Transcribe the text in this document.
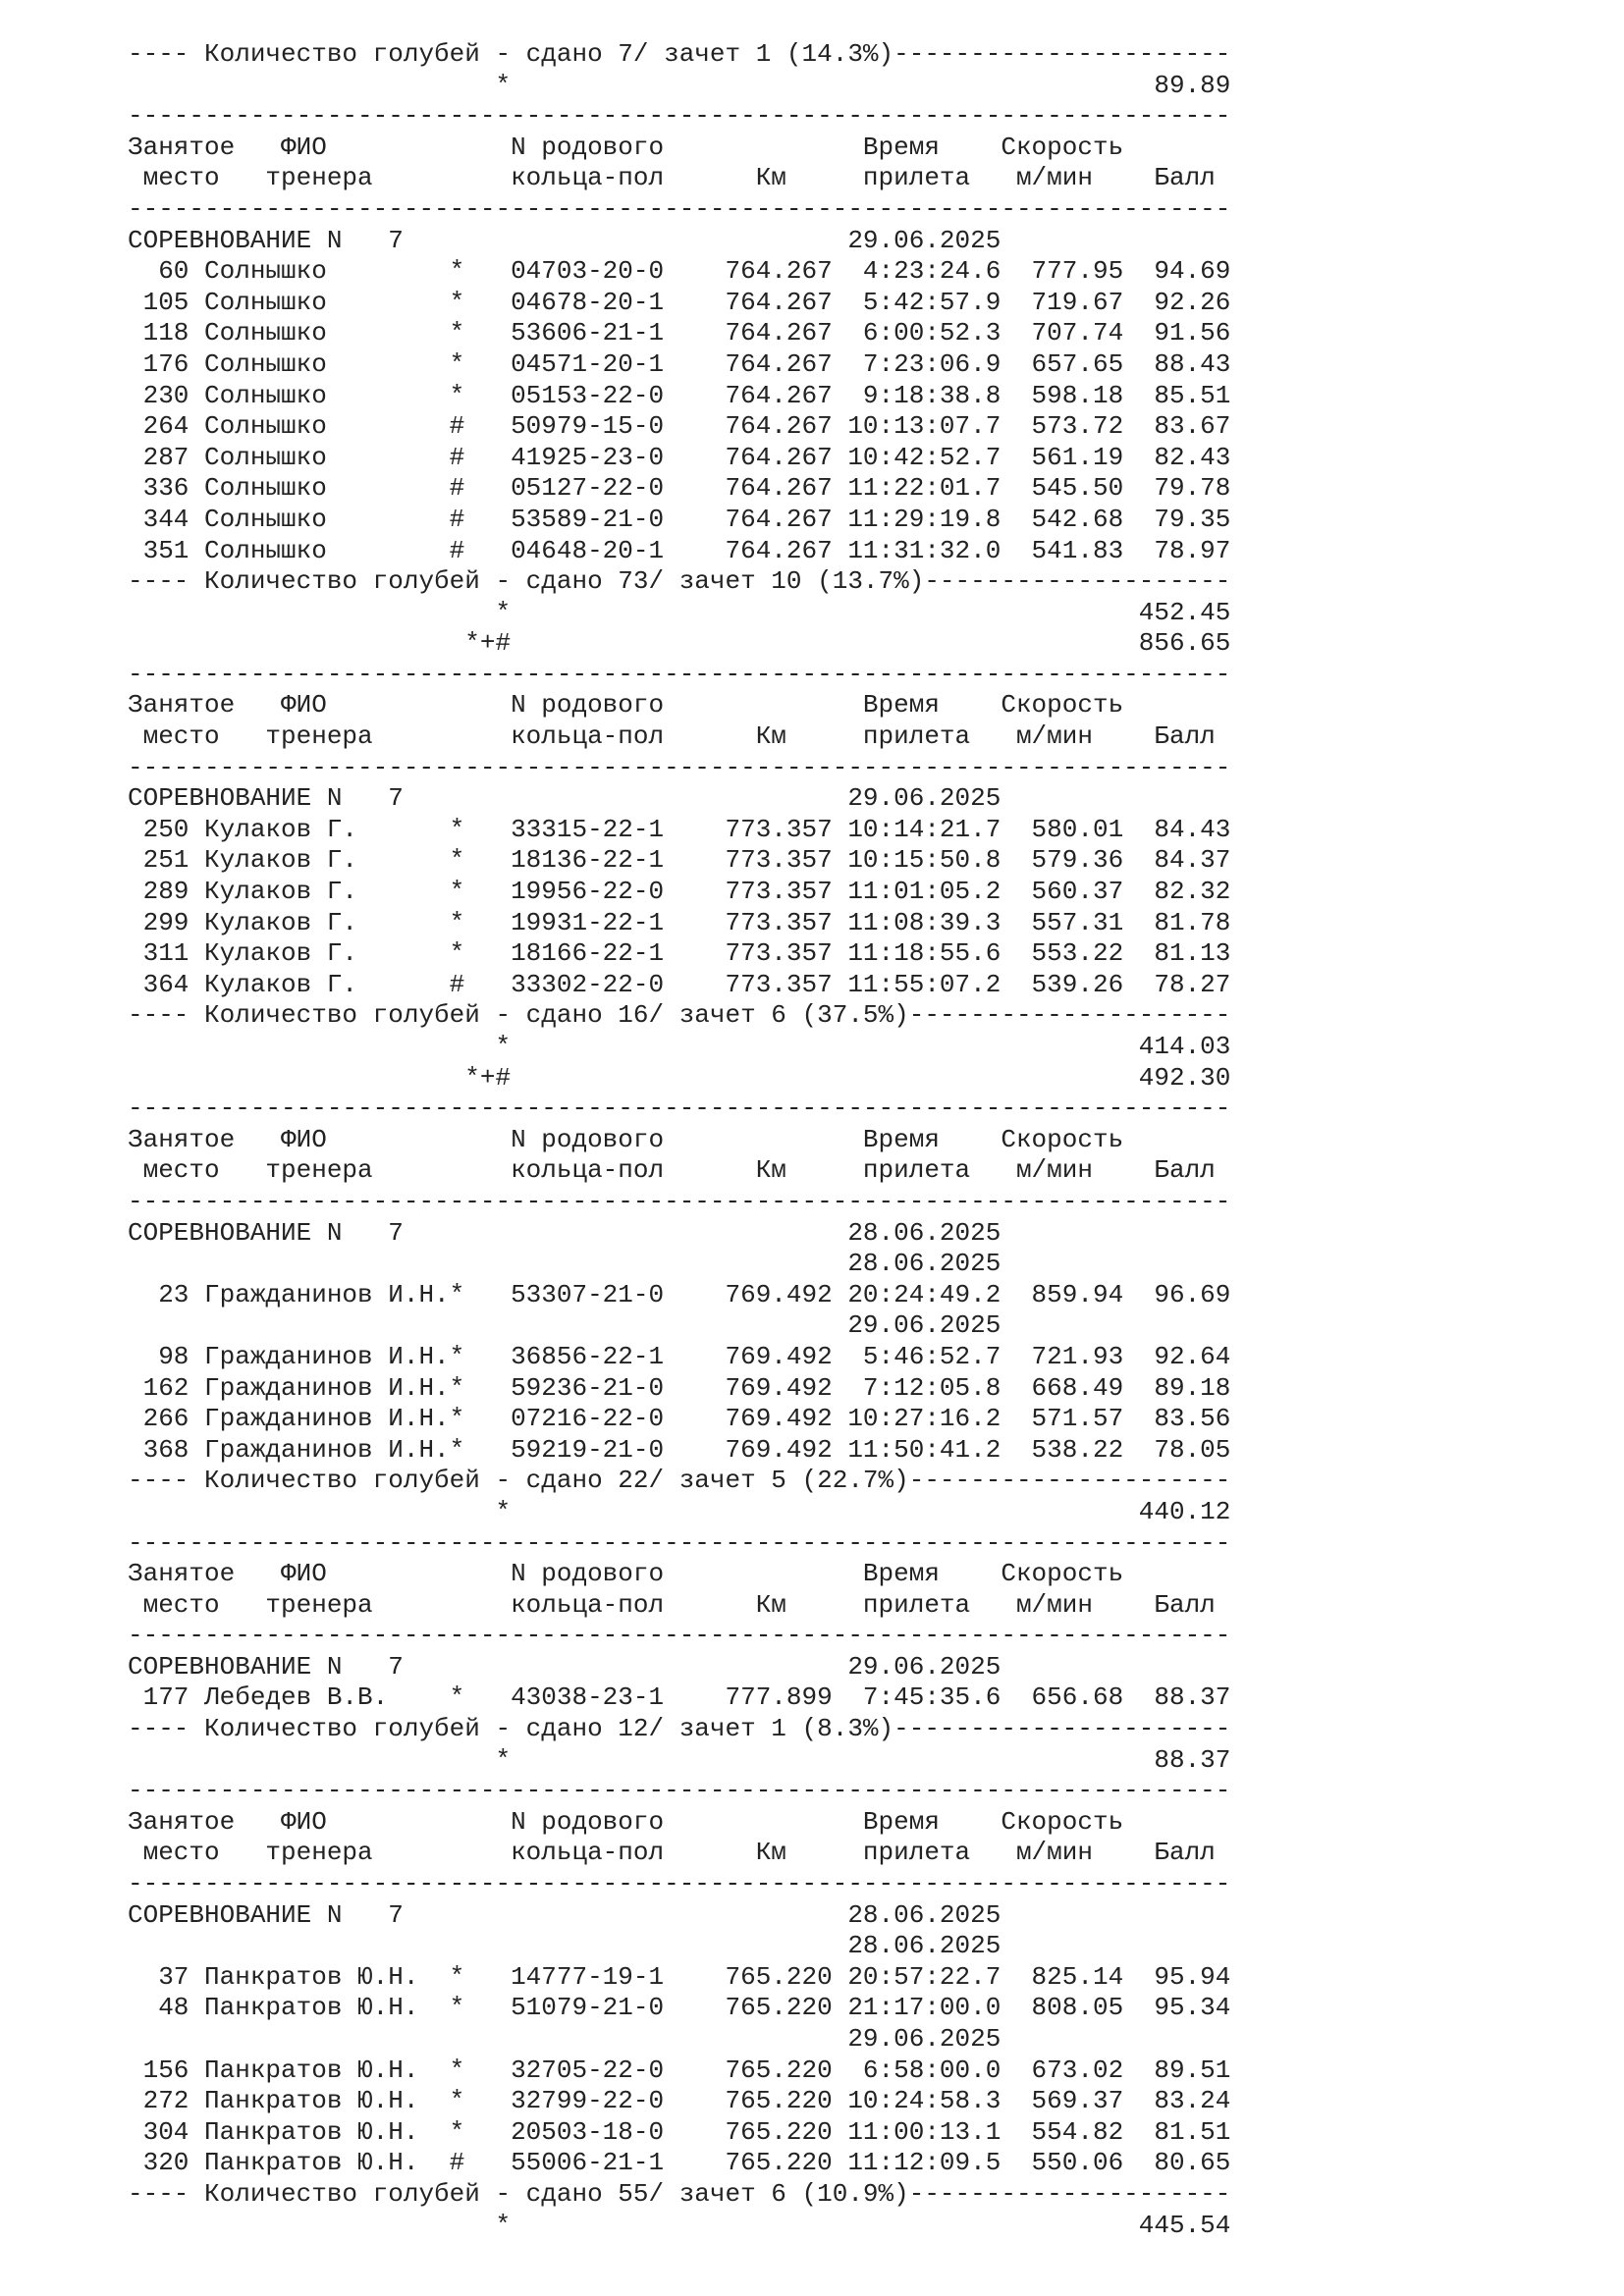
---- Количество голубей - сдано 7/ зачет 1 (14.3%)----------------------
*                                          89.89
------------------------------------------------------------------------
Занятое   ФИО            N родового             Время    Скорость
место   тренера         кольца-пол      Км     прилета   м/мин    Балл
------------------------------------------------------------------------
СОРЕВНОВАНИЕ N   7                             29.06.2025
60 Солнышко        *   04703-20-0    764.267  4:23:24.6  777.95  94.69
105 Солнышко        *   04678-20-1    764.267  5:42:57.9  719.67  92.26
118 Солнышко        *   53606-21-1    764.267  6:00:52.3  707.74  91.56
176 Солнышко        *   04571-20-1    764.267  7:23:06.9  657.65  88.43
230 Солнышко        *   05153-22-0    764.267  9:18:38.8  598.18  85.51
264 Солнышко        #   50979-15-0    764.267 10:13:07.7  573.72  83.67
287 Солнышко        #   41925-23-0    764.267 10:42:52.7  561.19  82.43
336 Солнышко        #   05127-22-0    764.267 11:22:01.7  545.50  79.78
344 Солнышко        #   53589-21-0    764.267 11:29:19.8  542.68  79.35
351 Солнышко        #   04648-20-1    764.267 11:31:32.0  541.83  78.97
---- Количество голубей - сдано 73/ зачет 10 (13.7%)--------------------
*                                         452.45
*+#                                         856.65
------------------------------------------------------------------------
Занятое   ФИО            N родового             Время    Скорость
место   тренера         кольца-пол      Км     прилета   м/мин    Балл
------------------------------------------------------------------------
СОРЕВНОВАНИЕ N   7                             29.06.2025
250 Кулаков Г.      *   33315-22-1    773.357 10:14:21.7  580.01  84.43
251 Кулаков Г.      *   18136-22-1    773.357 10:15:50.8  579.36  84.37
289 Кулаков Г.      *   19956-22-0    773.357 11:01:05.2  560.37  82.32
299 Кулаков Г.      *   19931-22-1    773.357 11:08:39.3  557.31  81.78
311 Кулаков Г.      *   18166-22-1    773.357 11:18:55.6  553.22  81.13
364 Кулаков Г.      #   33302-22-0    773.357 11:55:07.2  539.26  78.27
---- Количество голубей - сдано 16/ зачет 6 (37.5%)---------------------
*                                         414.03
*+#                                         492.30
------------------------------------------------------------------------
Занятое   ФИО            N родового             Время    Скорость
место   тренера         кольца-пол      Км     прилета   м/мин    Балл
------------------------------------------------------------------------
СОРЕВНОВАНИЕ N   7                             28.06.2025
28.06.2025
23 Гражданинов И.Н.*   53307-21-0    769.492 20:24:49.2  859.94  96.69
29.06.2025
98 Гражданинов И.Н.*   36856-22-1    769.492  5:46:52.7  721.93  92.64
162 Гражданинов И.Н.*   59236-21-0    769.492  7:12:05.8  668.49  89.18
266 Гражданинов И.Н.*   07216-22-0    769.492 10:27:16.2  571.57  83.56
368 Гражданинов И.Н.*   59219-21-0    769.492 11:50:41.2  538.22  78.05
---- Количество голубей - сдано 22/ зачет 5 (22.7%)---------------------
*                                         440.12
------------------------------------------------------------------------
Занятое   ФИО            N родового             Время    Скорость
место   тренера         кольца-пол      Км     прилета   м/мин    Балл
------------------------------------------------------------------------
СОРЕВНОВАНИЕ N   7                             29.06.2025
177 Лебедев В.В.    *   43038-23-1    777.899  7:45:35.6  656.68  88.37
---- Количество голубей - сдано 12/ зачет 1 (8.3%)----------------------
*                                          88.37
------------------------------------------------------------------------
Занятое   ФИО            N родового             Время    Скорость
место   тренера         кольца-пол      Км     прилета   м/мин    Балл
------------------------------------------------------------------------
СОРЕВНОВАНИЕ N   7                             28.06.2025
28.06.2025
37 Панкратов Ю.Н.  *   14777-19-1    765.220 20:57:22.7  825.14  95.94
48 Панкратов Ю.Н.  *   51079-21-0    765.220 21:17:00.0  808.05  95.34
29.06.2025
156 Панкратов Ю.Н.  *   32705-22-0    765.220  6:58:00.0  673.02  89.51
272 Панкратов Ю.Н.  *   32799-22-0    765.220 10:24:58.3  569.37  83.24
304 Панкратов Ю.Н.  *   20503-18-0    765.220 11:00:13.1  554.82  81.51
320 Панкратов Ю.Н.  #   55006-21-1    765.220 11:12:09.5  550.06  80.65
---- Количество голубей - сдано 55/ зачет 6 (10.9%)---------------------
*                                         445.54
